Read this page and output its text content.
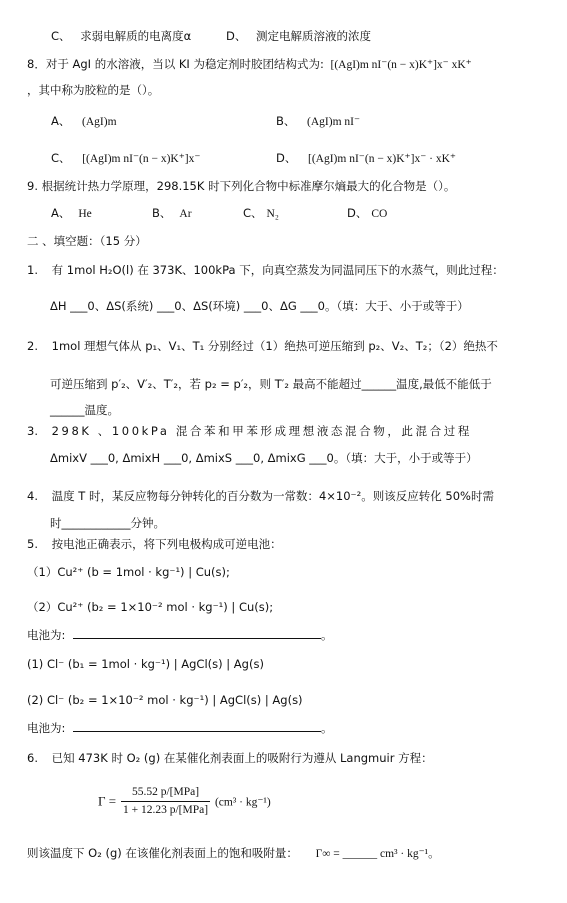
C、 求弱电解质的电离度α	D、 测定电解质溶液的浓度
8．对于 AgI 的水溶液，当以 KI 为稳定剂时胶团结构式为: [(AgI)m nI⁻(n − x)K⁺]x⁻ xK⁺
，其中称为胶粒的是（）。
A、 (AgI)m	B、 (AgI)m nI⁻
C、 [(AgI)m nI⁻(n − x)K⁺]x⁻	D、 [(AgI)m nI⁻(n − x)K⁺]x⁻ · xK⁺
9. 根据统计热力学原理，298.15K 时下列化合物中标准摩尔熵最大的化合物是（）。
A、 He	B、 Ar	C、 N₂	D、 CO
二 、填空题：（15 分）
1. 有 1mol H₂O(l) 在 373K、100kPa 下，向真空蒸发为同温同压下的水蒸气，则此过程：
ΔH ___0、ΔS(系统) ___0、ΔS(环境) ___0、ΔG ___0。（填：大于、小于或等于）
2. 1mol 理想气体从 p₁、V₁、T₁ 分别经过（1）绝热可逆压缩到 p₂、V₂、T₂；（2）绝热不
可逆压缩到 p′₂、V′₂、T′₂，若 p₂ = p′₂，则 T′₂ 最高不能超过______温度,最低不能低于
______温度。
3. 298K 、100kPa 混合苯和甲苯形成理想液态混合物，此混合过程
ΔmixV ___0, ΔmixH ___0, ΔmixS ___0, ΔmixG ___0。（填：大于，小于或等于）
4. 温度 T 时，某反应物每分钟转化的百分数为一常数：4×10⁻²。则该反应转化 50%时需
时____________分钟。
5. 按电池正确表示，将下列电极构成可逆电池：
（1）Cu²⁺ (b = 1mol · kg⁻¹) | Cu(s);
（2）Cu²⁺ (b₂ = 1×10⁻² mol · kg⁻¹) | Cu(s);
电池为:	。
(1) Cl⁻ (b₁ = 1mol · kg⁻¹) | AgCl(s) | Ag(s)
(2) Cl⁻ (b₂ = 1×10⁻² mol · kg⁻¹) | AgCl(s) | Ag(s)
电池为:	。
6. 已知 473K 时 O₂ (g) 在某催化剂表面上的吸附行为遵从 Langmuir 方程：
$\Gamma = \frac{\text{55.52 p/[MPa]}}{\text{1 + 12.23 p/[MPa]}} (cm^3 \cdot kg^{-1})$
则该温度下 O₂ (g) 在该催化剂表面上的饱和吸附量： Γ∞ = ______ cm³ · kg⁻¹。
